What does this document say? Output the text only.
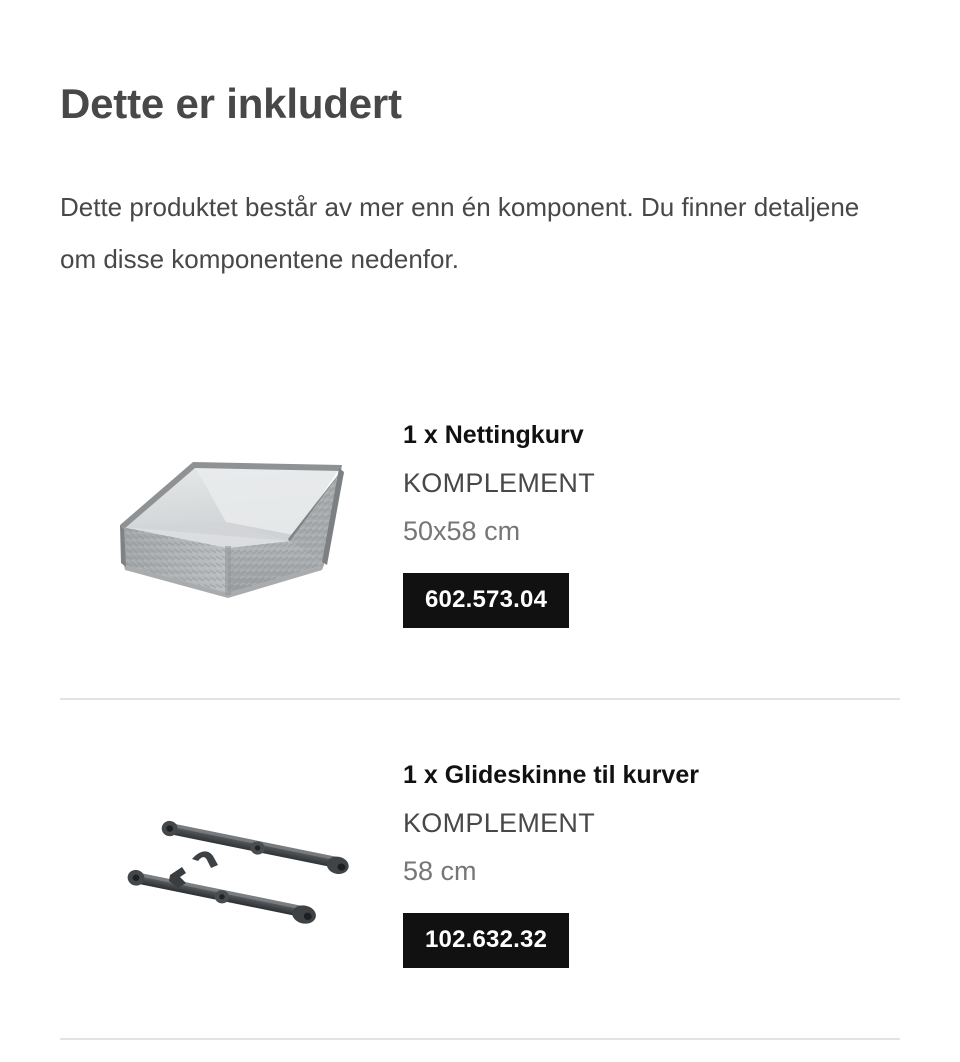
Dette er inkludert

Dette produktet består av mer enn én komponent. Du finner detaljene om disse komponentene nedenfor.

1 x Nettingkurv
KOMPLEMENT
50x58 cm
602.573.04
1 x Glideskinne til kurver
KOMPLEMENT
58 cm
102.632.32
